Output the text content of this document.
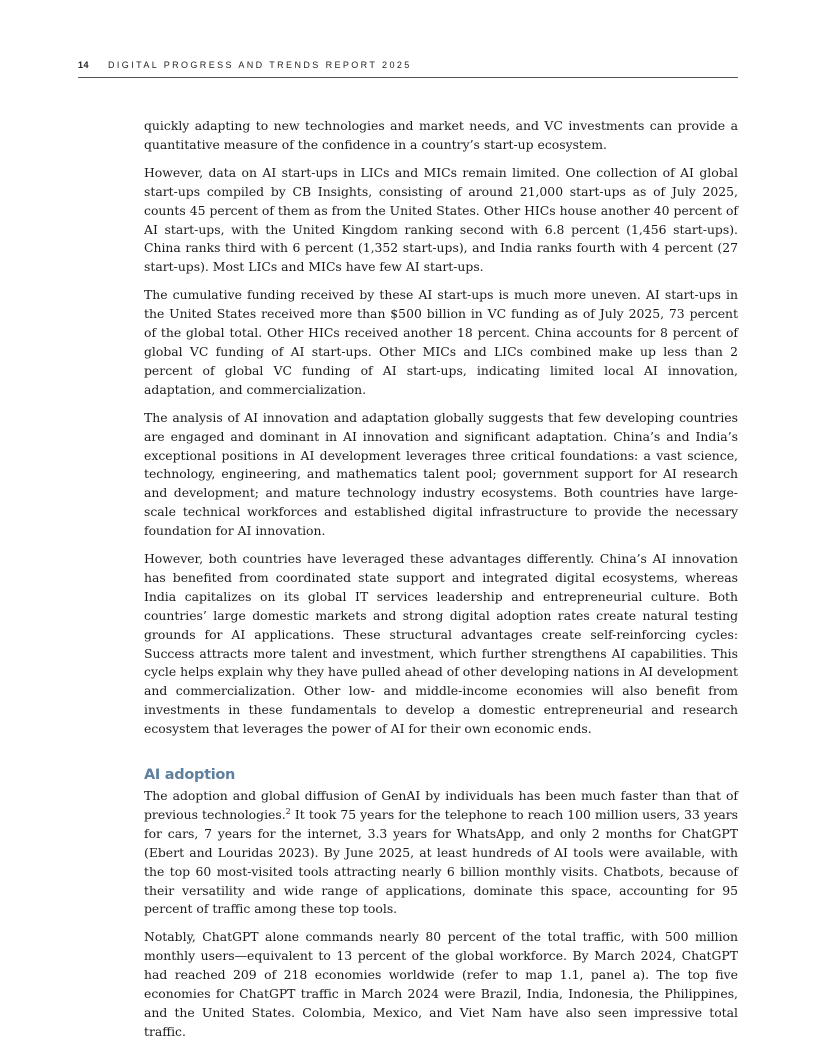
14 DIGITAL PROGRESS AND TRENDS REPORT 2025

quickly adapting to new technologies and market needs, and VC investments can provide a quantitative measure of the confidence in a country’s start-up ecosystem.

However, data on AI start-ups in LICs and MICs remain limited. One collection of AI global start-ups compiled by CB Insights, consisting of around 21,000 start-ups as of July 2025, counts 45 percent of them as from the United States. Other HICs house another 40 percent of AI start-ups, with the United Kingdom ranking second with 6.8 percent (1,456 start-ups). China ranks third with 6 percent (1,352 start-ups), and India ranks fourth with 4 percent (27 start-ups). Most LICs and MICs have few AI start-ups.

The cumulative funding received by these AI start-ups is much more uneven. AI start-ups in the United States received more than $500 billion in VC funding as of July 2025, 73 percent of the global total. Other HICs received another 18 percent. China accounts for 8 percent of global VC funding of AI start-ups. Other MICs and LICs combined make up less than 2 percent of global VC funding of AI start-ups, indicating limited local AI innovation, adaptation, and commercialization.

The analysis of AI innovation and adaptation globally suggests that few developing countries are engaged and dominant in AI innovation and significant adaptation. China’s and India’s exceptional positions in AI development leverages three critical foundations: a vast science, technology, engineering, and mathematics talent pool; government support for AI research and development; and mature technology industry ecosystems. Both countries have large-scale technical workforces and established digital infrastructure to provide the necessary foundation for AI innovation.

However, both countries have leveraged these advantages differently. China’s AI innovation has benefited from coordinated state support and integrated digital ecosystems, whereas India capitalizes on its global IT services leadership and entrepreneurial culture. Both countries’ large domestic markets and strong digital adoption rates create natural testing grounds for AI applications. These structural advantages create self-reinforcing cycles: Success attracts more talent and investment, which further strengthens AI capabilities. This cycle helps explain why they have pulled ahead of other developing nations in AI development and commercialization. Other low- and middle-income economies will also benefit from investments in these fundamentals to develop a domestic entrepreneurial and research ecosystem that leverages the power of AI for their own economic ends.

AI adoption

The adoption and global diffusion of GenAI by individuals has been much faster than that of previous technologies.$^2$ It took 75 years for the telephone to reach 100 million users, 33 years for cars, 7 years for the internet, 3.3 years for WhatsApp, and only 2 months for ChatGPT (Ebert and Louridas 2023). By June 2025, at least hundreds of AI tools were available, with the top 60 most-visited tools attracting nearly 6 billion monthly visits. Chatbots, because of their versatility and wide range of applications, dominate this space, accounting for 95 percent of traffic among these top tools.

Notably, ChatGPT alone commands nearly 80 percent of the total traffic, with 500 million monthly users—equivalent to 13 percent of the global workforce. By March 2024, ChatGPT had reached 209 of 218 economies worldwide (refer to map 1.1, panel a). The top five economies for ChatGPT traffic in March 2024 were Brazil, India, Indonesia, the Philippines, and the United States. Colombia, Mexico, and Viet Nam have also seen impressive total traffic.
